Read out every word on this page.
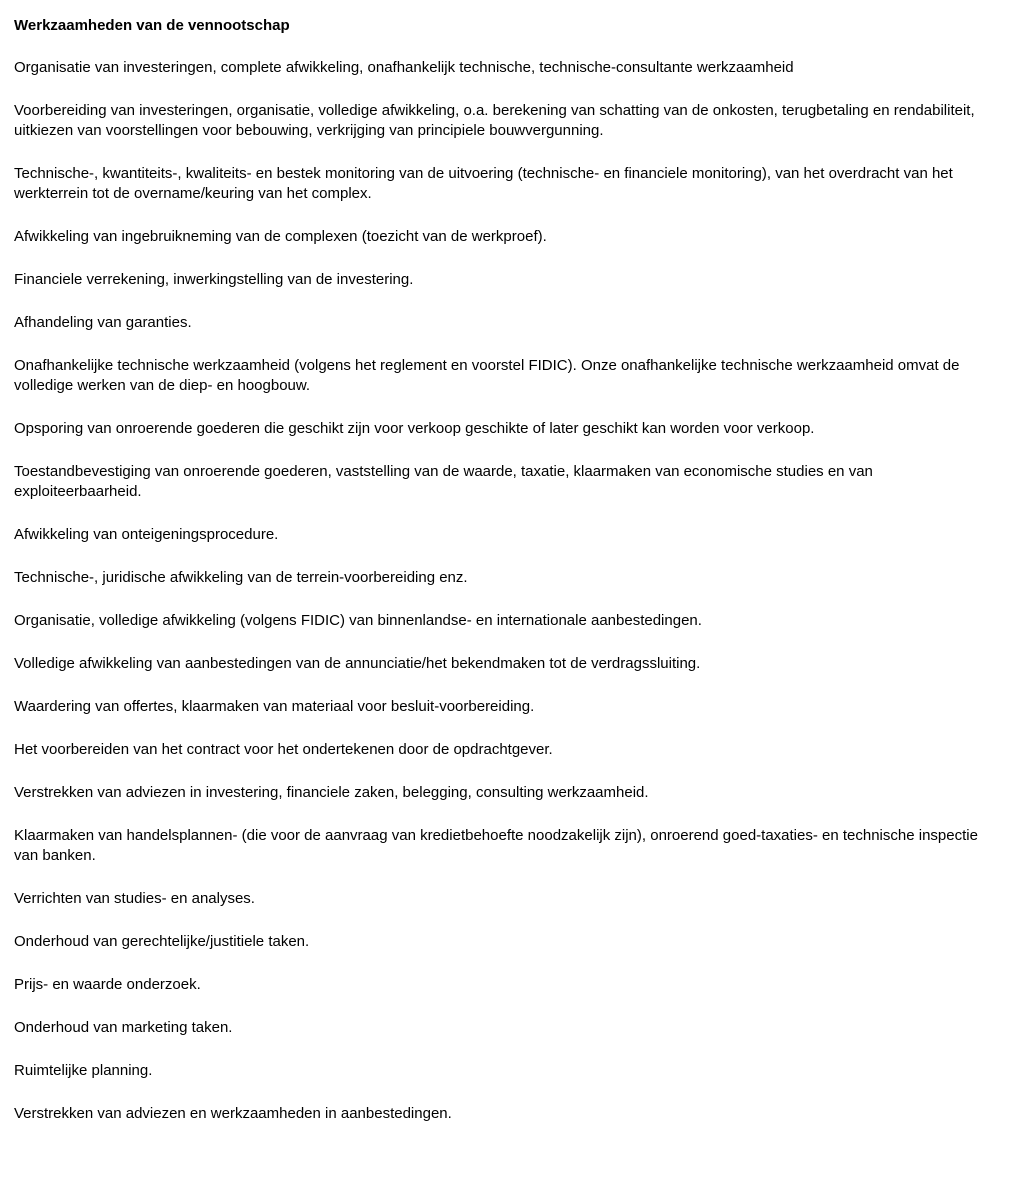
Werkzaamheden van de vennootschap

Organisatie van investeringen, complete afwikkeling, onafhankelijk technische, technische-consultante werkzaamheid

Voorbereiding van investeringen, organisatie, volledige afwikkeling, o.a. berekening van schatting van de onkosten, terugbetaling en rendabiliteit, uitkiezen van voorstellingen voor bebouwing, verkrijging van principiele bouwvergunning.

Technische-, kwantiteits-, kwaliteits- en bestek monitoring van de uitvoering (technische- en financiele monitoring), van het overdracht van het werkterrein tot de overname/keuring van het complex.

Afwikkeling van ingebruikneming van de complexen (toezicht van de werkproef).

Financiele verrekening, inwerkingstelling van de investering.

Afhandeling van garanties.

Onafhankelijke technische werkzaamheid (volgens het reglement en voorstel FIDIC). Onze onafhankelijke technische werkzaamheid omvat de volledige werken van de diep- en hoogbouw.

Opsporing van onroerende goederen die geschikt zijn voor verkoop geschikte of later geschikt kan worden voor verkoop.

Toestandbevestiging van onroerende goederen, vaststelling van de waarde, taxatie, klaarmaken van economische studies en van exploiteerbaarheid.

Afwikkeling van onteigeningsprocedure.

Technische-, juridische afwikkeling van de terrein-voorbereiding enz.

Organisatie, volledige afwikkeling (volgens FIDIC) van binnenlandse- en internationale aanbestedingen.

Volledige afwikkeling van aanbestedingen van de annunciatie/het bekendmaken tot de verdragssluiting.

Waardering van offertes, klaarmaken van materiaal voor besluit-voorbereiding.

Het voorbereiden van het contract voor het ondertekenen door de opdrachtgever.

Verstrekken van adviezen in investering, financiele zaken, belegging, consulting werkzaamheid.

Klaarmaken van handelsplannen- (die voor de aanvraag van kredietbehoefte noodzakelijk zijn), onroerend goed-taxaties- en technische inspectie van banken.

Verrichten van studies- en analyses.

Onderhoud van gerechtelijke/justitiele taken.

Prijs- en waarde onderzoek.

Onderhoud van marketing taken.

Ruimtelijke planning.

Verstrekken van adviezen en werkzaamheden in aanbestedingen.
